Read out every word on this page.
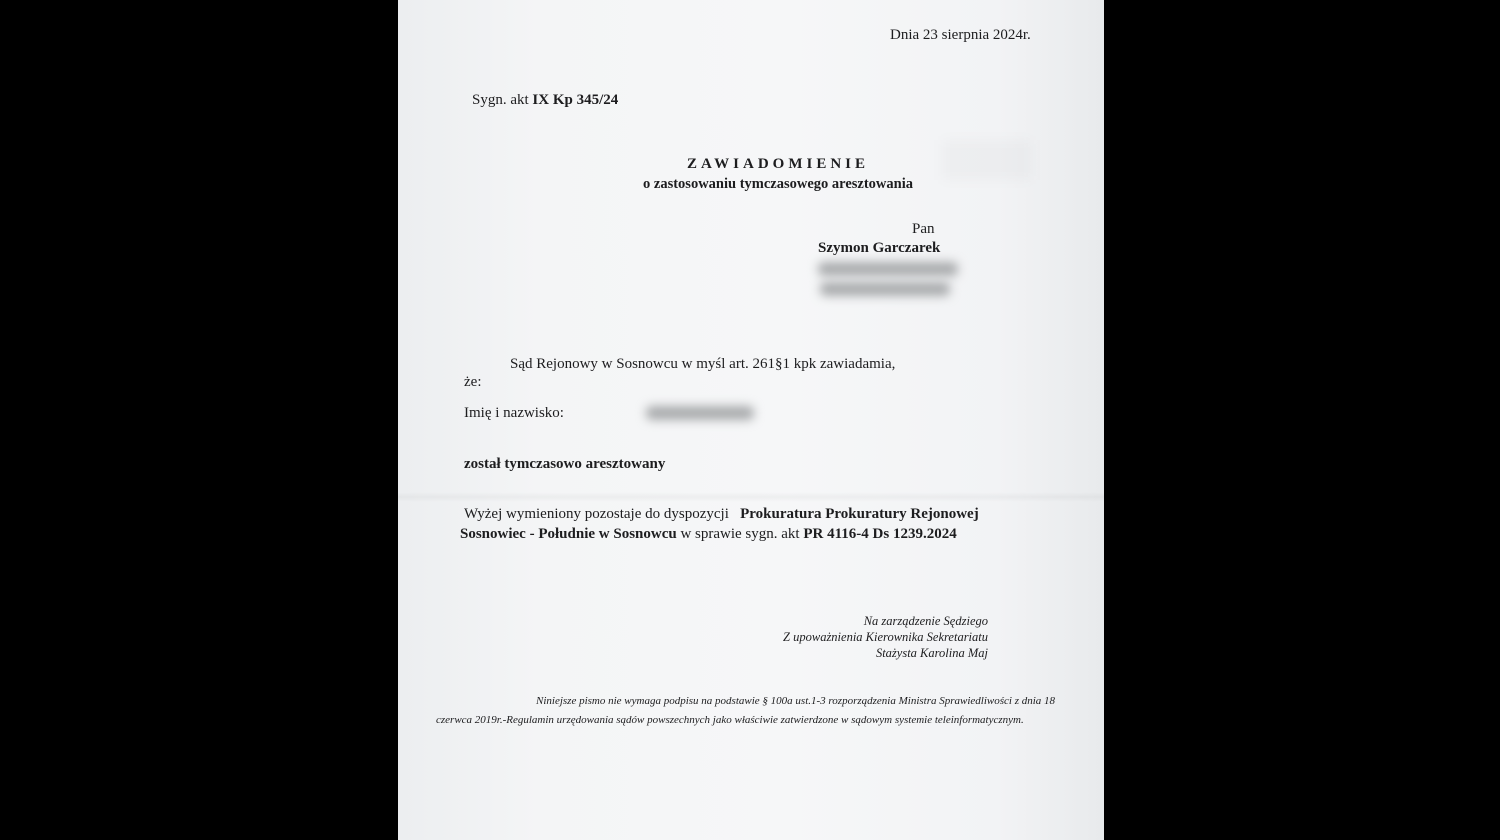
Dnia 23 sierpnia 2024r.

Sygn. akt IX Kp 345/24

ZAWIADOMIENIE

o zastosowaniu tymczasowego aresztowania

Pan

Szymon Garczarek

Sąd Rejonowy w Sosnowcu w myśl art. 261§1 kpk zawiadamia,

że:

Imię i nazwisko:

został tymczasowo aresztowany

Wyżej wymieniony pozostaje do dyspozycji Prokuratura Prokuratury Rejonowej

Sosnowiec - Południe w Sosnowcu w sprawie sygn. akt PR 4116-4 Ds 1239.2024

Na zarządzenie Sędziego

Z upoważnienia Kierownika Sekretariatu

Stażysta Karolina Maj

Niniejsze pismo nie wymaga podpisu na podstawie § 100a ust.1-3 rozporządzenia Ministra Sprawiedliwości z dnia 18 czerwca 2019r.-Regulamin urzędowania sądów powszechnych jako właściwie zatwierdzone w sądowym systemie teleinformatycznym.
